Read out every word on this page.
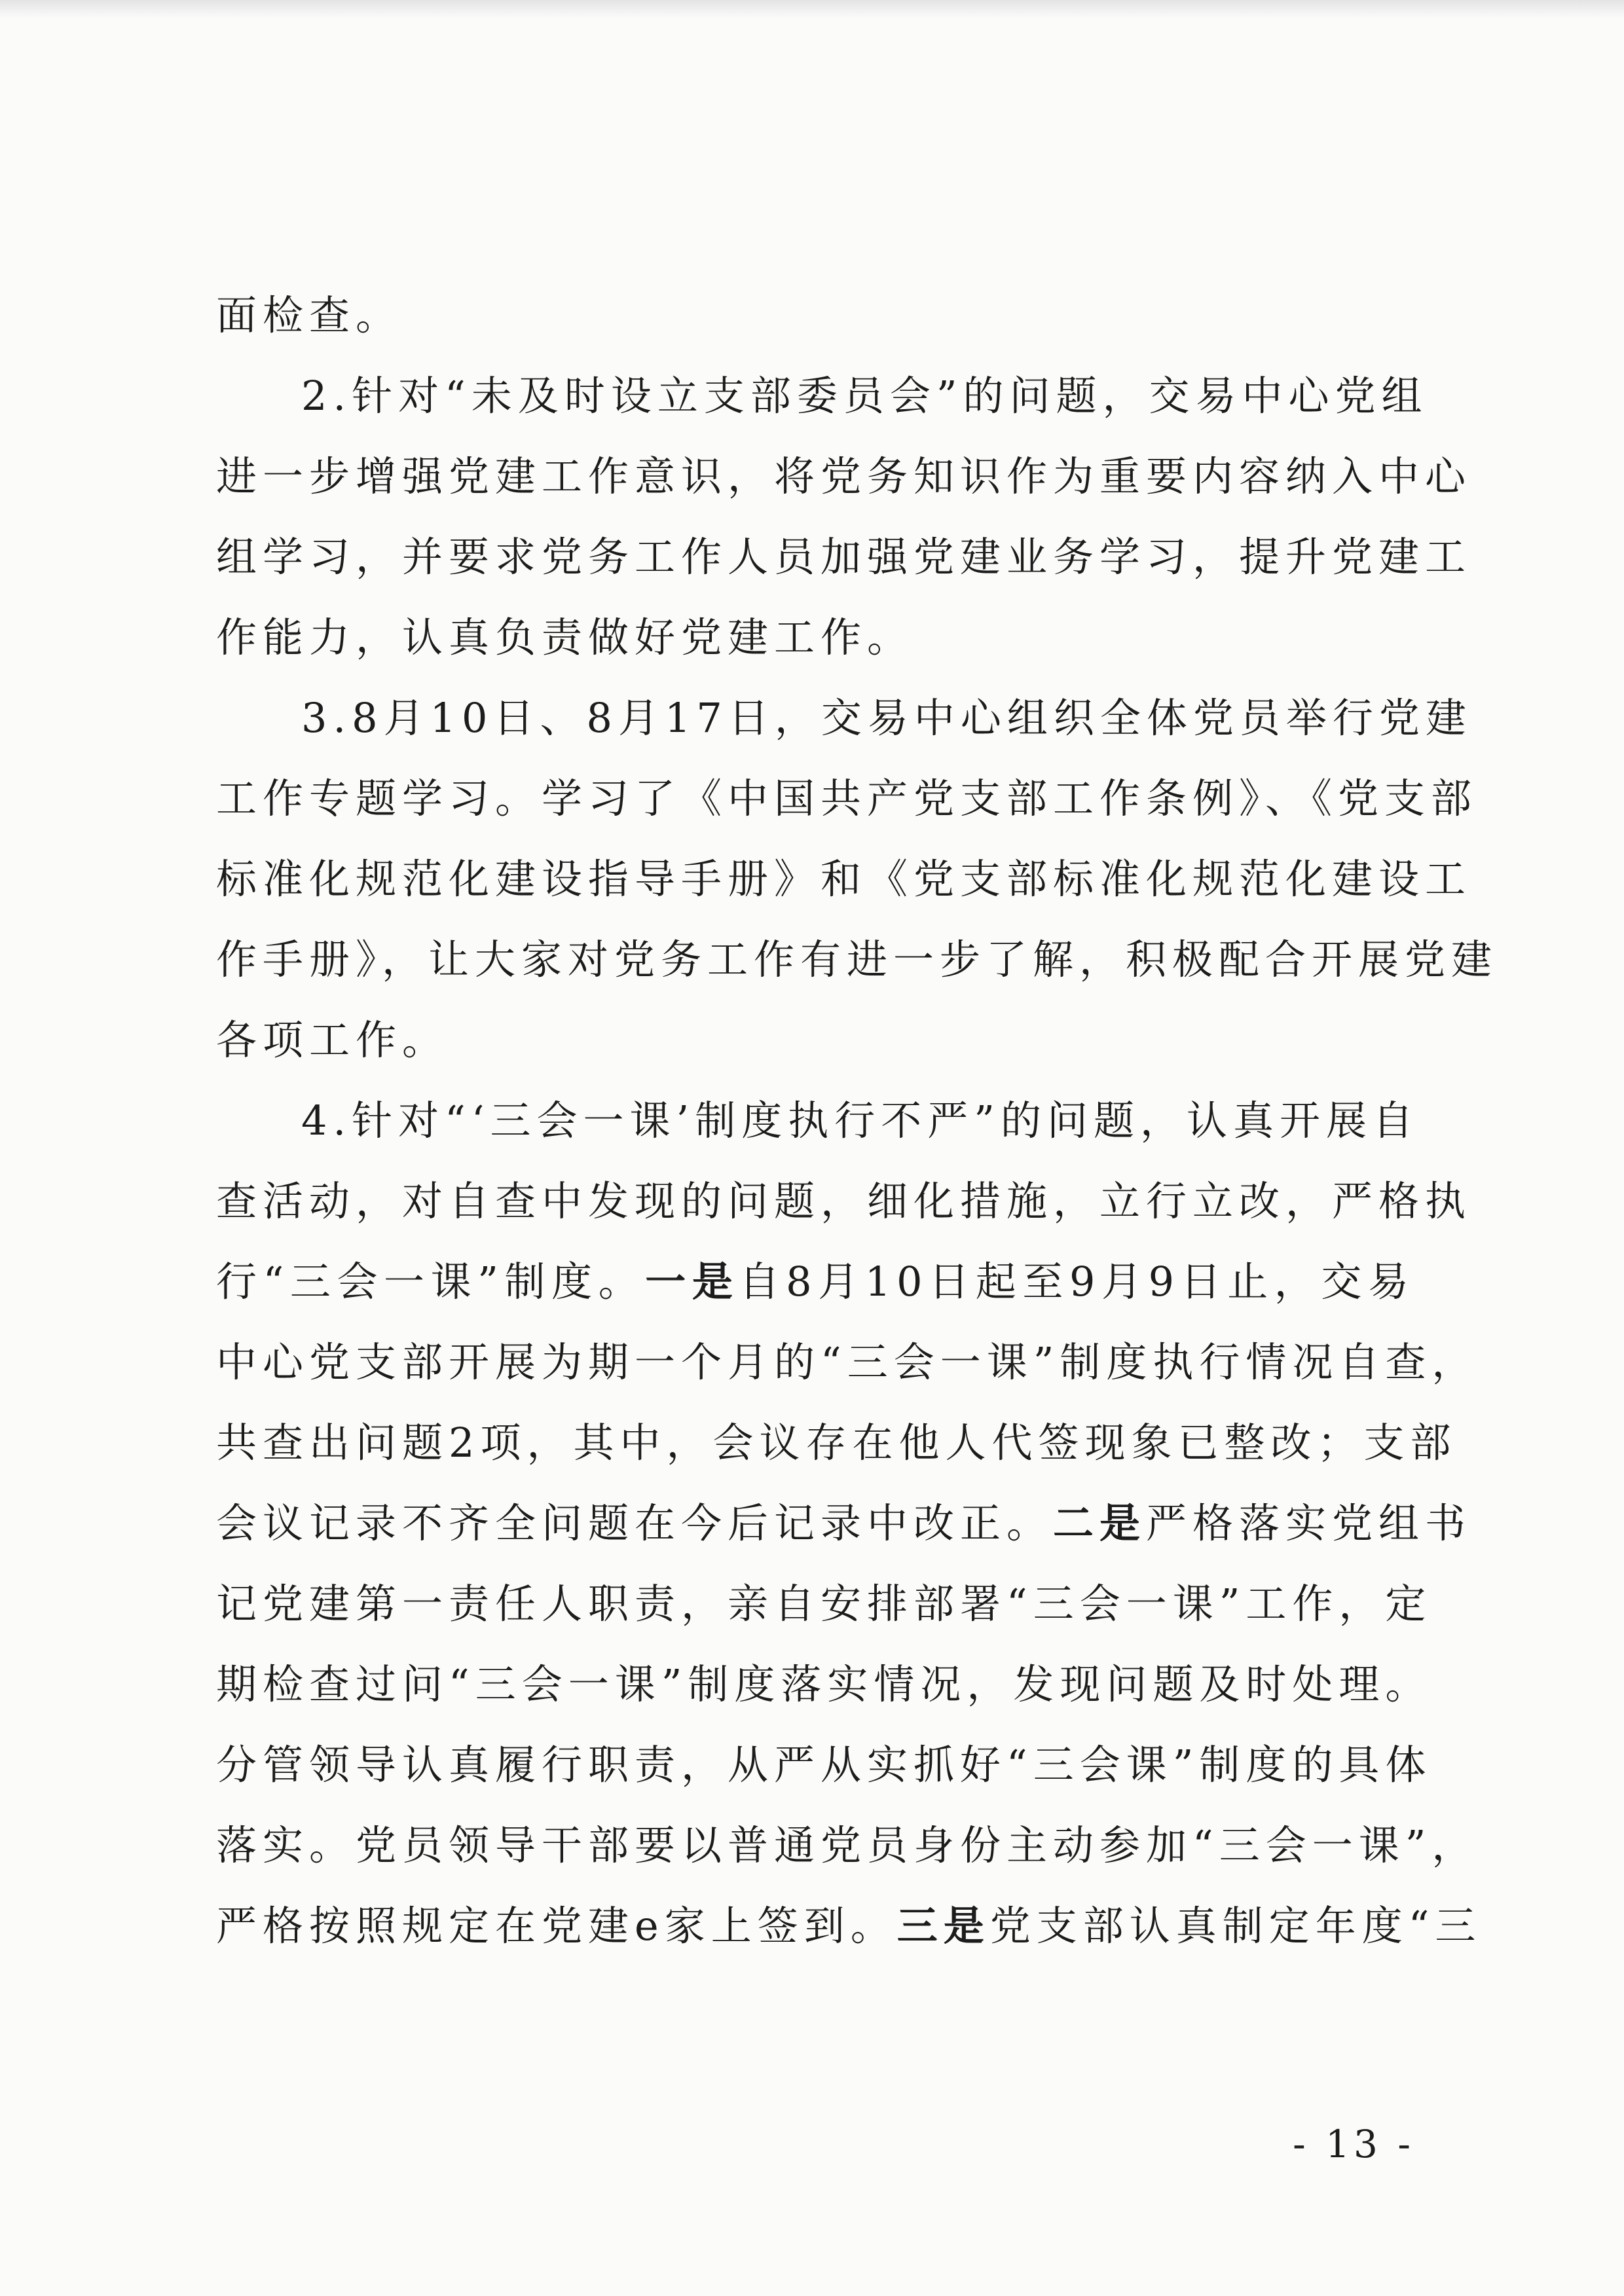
面检查。
2.针对“未及时设立支部委员会”的问题，交易中心党组
进一步增强党建工作意识，将党务知识作为重要内容纳入中心
组学习，并要求党务工作人员加强党建业务学习，提升党建工
作能力，认真负责做好党建工作。
3.8月10日、8月17日，交易中心组织全体党员举行党建
工作专题学习。学习了《中国共产党支部工作条例》、《党支部
标准化规范化建设指导手册》和《党支部标准化规范化建设工
作手册》，让大家对党务工作有进一步了解，积极配合开展党建
各项工作。
4.针对“‘三会一课’制度执行不严”的问题，认真开展自
查活动，对自查中发现的问题，细化措施，立行立改，严格执
行“三会一课”制度。一是自8月10日起至9月9日止，交易
中心党支部开展为期一个月的“三会一课”制度执行情况自查，
共查出问题2项，其中，会议存在他人代签现象已整改；支部
会议记录不齐全问题在今后记录中改正。二是严格落实党组书
记党建第一责任人职责，亲自安排部署“三会一课”工作，定
期检查过问“三会一课”制度落实情况，发现问题及时处理。
分管领导认真履行职责，从严从实抓好“三会课”制度的具体
落实。党员领导干部要以普通党员身份主动参加“三会一课”，
严格按照规定在党建e家上签到。三是党支部认真制定年度“三
- 13 -
